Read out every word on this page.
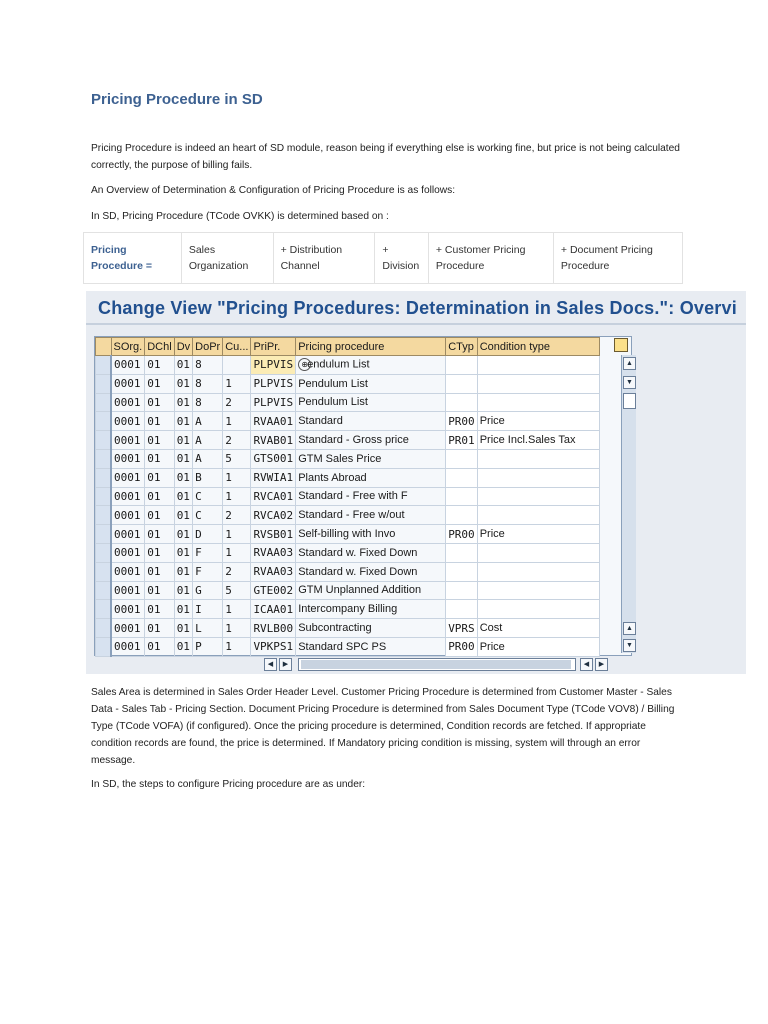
Pricing Procedure in SD
Pricing Procedure is indeed an heart of SD module, reason being if everything else is working fine, but price is not being calculated correctly, the purpose of billing fails.
An Overview of Determination & Configuration of Pricing Procedure is as follows:
In SD, Pricing Procedure (TCode OVKK) is determined based on :
Pricing Procedure =	Sales Organization	+ Distribution Channel	+ Division	+ Customer Pricing Procedure	+ Document Pricing Procedure
Change View "Pricing Procedures: Determination in Sales Docs.": Overvi
	SOrg.	DChl	Dv	DoPr	Cu...	PriPr.	Pricing procedure	CTyp	Condition type
	0001	01	01	8		PLPVIS	⊕endulum List		
	0001	01	01	8	1	PLPVIS	Pendulum List		
	0001	01	01	8	2	PLPVIS	Pendulum List		
	0001	01	01	A	1	RVAA01	Standard	PR00	Price
	0001	01	01	A	2	RVAB01	Standard - Gross price	PR01	Price Incl.Sales Tax
	0001	01	01	A	5	GTS001	GTM Sales Price		
	0001	01	01	B	1	RVWIA1	Plants Abroad		
	0001	01	01	C	1	RVCA01	Standard - Free with F		
	0001	01	01	C	2	RVCA02	Standard - Free w/out		
	0001	01	01	D	1	RVSB01	Self-billing with Invo	PR00	Price
	0001	01	01	F	1	RVAA03	Standard w. Fixed Down		
	0001	01	01	F	2	RVAA03	Standard w. Fixed Down		
	0001	01	01	G	5	GTE002	GTM Unplanned Addition		
	0001	01	01	I	1	ICAA01	Intercompany Billing		
	0001	01	01	L	1	RVLB00	Subcontracting	VPRS	Cost
	0001	01	01	P	1	VPKPS1	Standard SPC PS	PR00	Price
▲
▼
▲
▼
◀	▶	◀	▶
Sales Area is determined in Sales Order Header Level. Customer Pricing Procedure is determined from Customer Master - Sales Data - Sales Tab - Pricing Section. Document Pricing Procedure is determined from Sales Document Type (TCode VOV8) / Billing Type (TCode VOFA) (if configured). Once the pricing procedure is determined, Condition records are fetched. If appropriate condition records are found, the price is determined. If Mandatory pricing condition is missing, system will through an error message.
In SD, the steps to configure Pricing procedure are as under:
